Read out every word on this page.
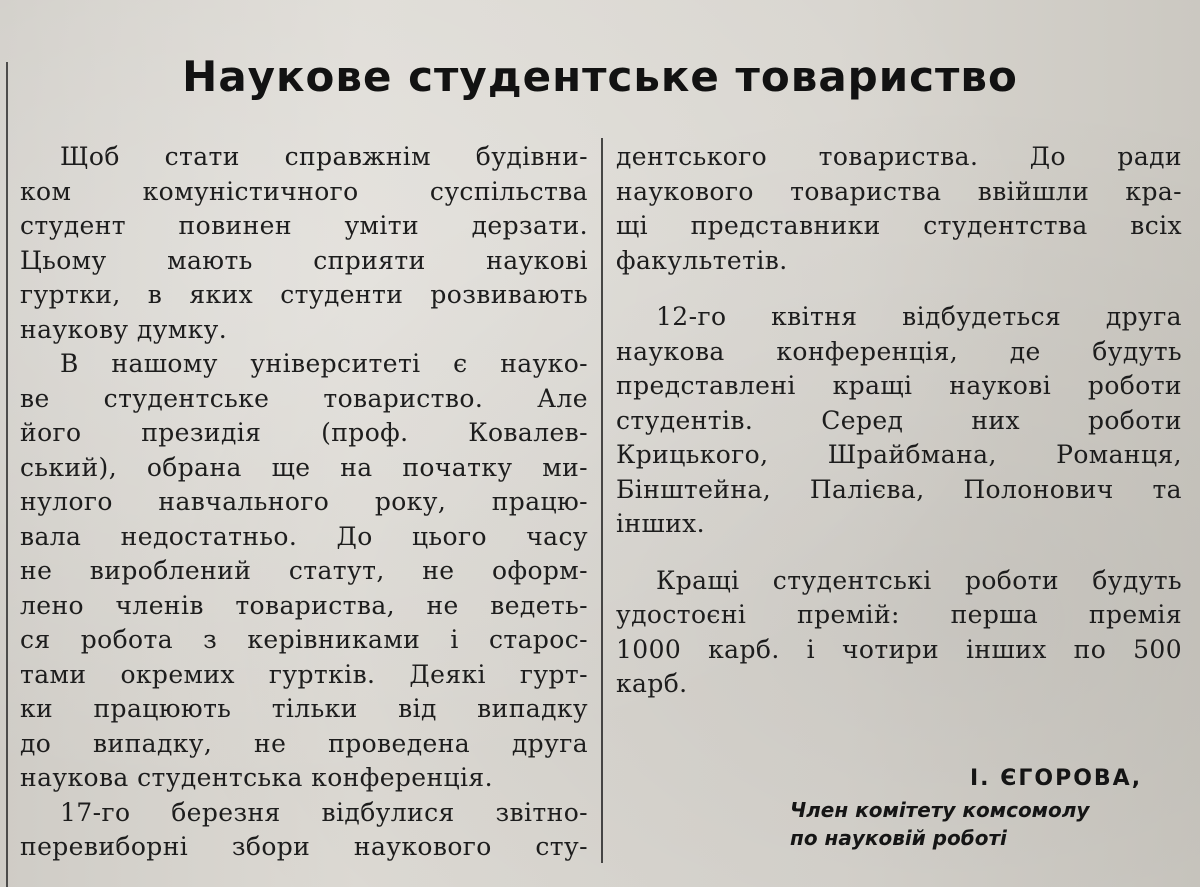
Наукове студентське товариство
Щоб стати справжнім будівни-
ком комуністичного суспільства
студент повинен уміти дерзати.
Цьому мають сприяти наукові
гуртки, в яких студенти розвивають
наукову думку.
В нашому університеті є науко-
ве студентське товариство. Але
його президія (проф. Ковалев-
ський), обрана ще на початку ми-
нулого навчального року, працю-
вала недостатньо. До цього часу
не вироблений статут, не оформ-
лено членів товариства, не ведеть-
ся робота з керівниками і старос-
тами окремих гуртків. Деякі гурт-
ки працюють тільки від випадку
до випадку, не проведена друга
наукова студентська конференція.
17-го березня відбулися звітно-
перевиборні збори наукового сту-
дентського товариства. До ради
наукового товариства ввійшли кра-
щі представники студентства всіх
факультетів.
12-го квітня відбудеться друга
наукова конференція, де будуть
представлені кращі наукові роботи
студентів. Серед них роботи
Крицького, Шрайбмана, Романця,
Бінштейна, Палієва, Полонович та
інших.
Кращі студентські роботи будуть
удостоєні премій: перша премія
1000 карб. і чотири інших по 500
карб.
І. ЄГОРОВА,
Член комітету комсомолу
по науковій роботі
